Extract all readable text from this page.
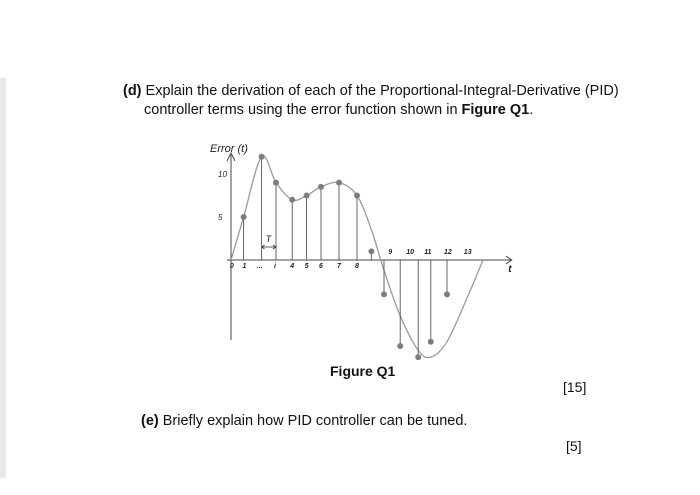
(d) Explain the derivation of each of the Proportional-Integral-Derivative (PID)
controller terms using the error function shown in Figure Q1.
Error (t)
t
10
5
0 1 ... i 4 5 6 7 8
9 10 11 12 13
T
Figure Q1
[15]
(e) Briefly explain how PID controller can be tuned.
[5]
